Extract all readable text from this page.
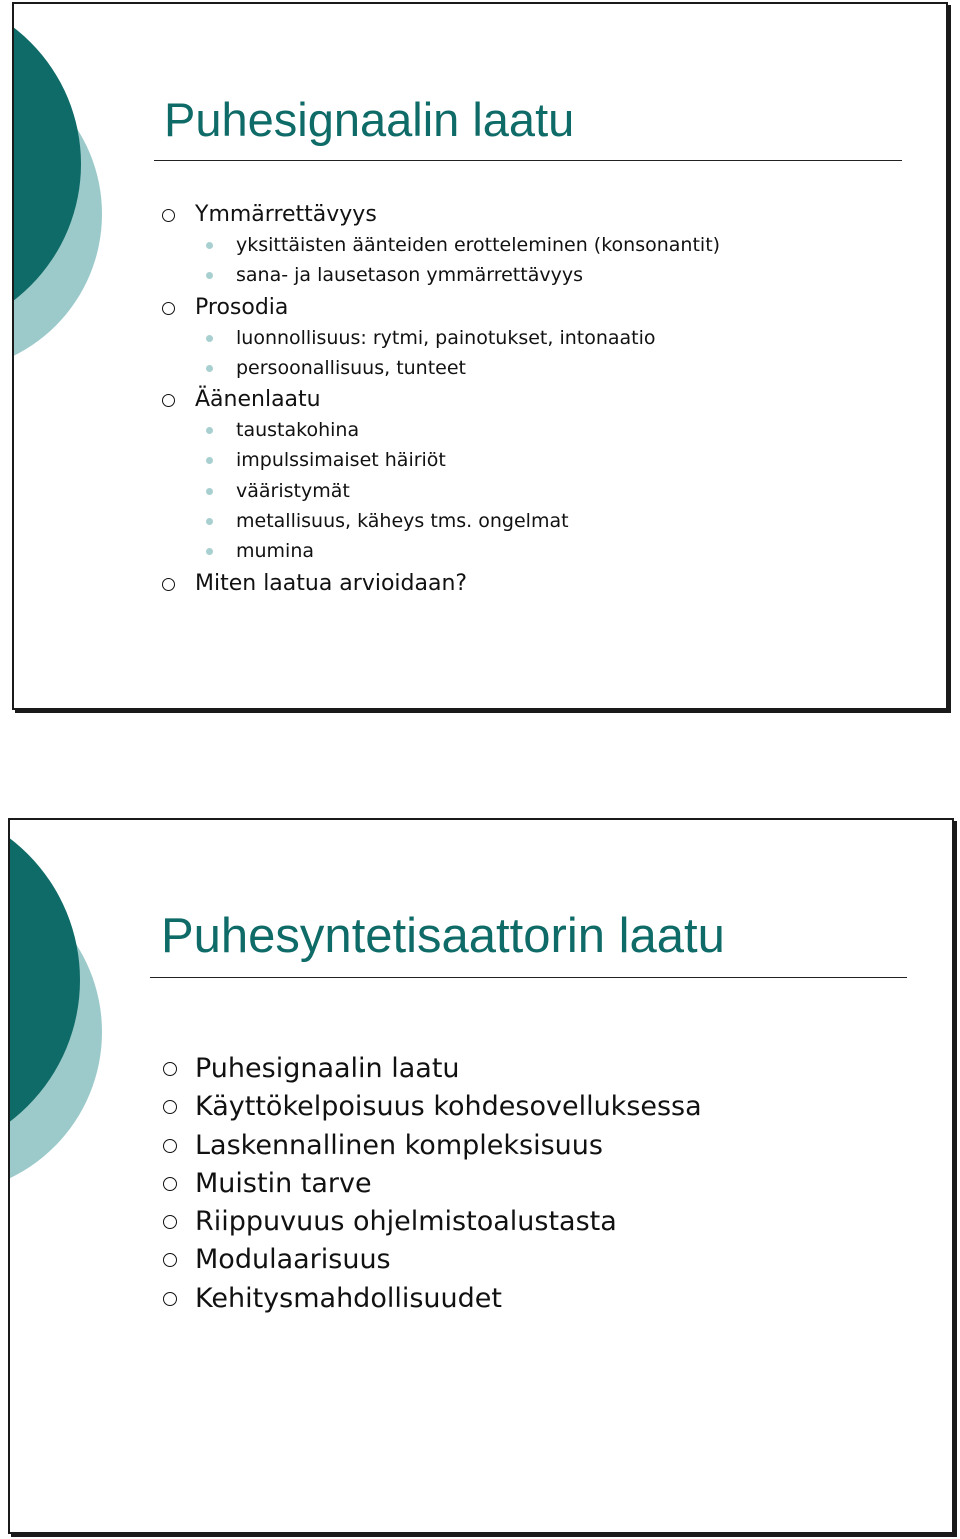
Puhesignaalin laatu
Ymmärrettävyys
yksittäisten äänteiden erotteleminen (konsonantit)
sana- ja lausetason ymmärrettävyys
Prosodia
luonnollisuus: rytmi, painotukset, intonaatio
persoonallisuus, tunteet
Äänenlaatu
taustakohina
impulssimaiset häiriöt
vääristymät
metallisuus, käheys tms. ongelmat
mumina
Miten laatua arvioidaan?
Puhesyntetisaattorin laatu
Puhesignaalin laatu
Käyttökelpoisuus kohdesovelluksessa
Laskennallinen kompleksisuus
Muistin tarve
Riippuvuus ohjelmistoalustasta
Modulaarisuus
Kehitysmahdollisuudet
